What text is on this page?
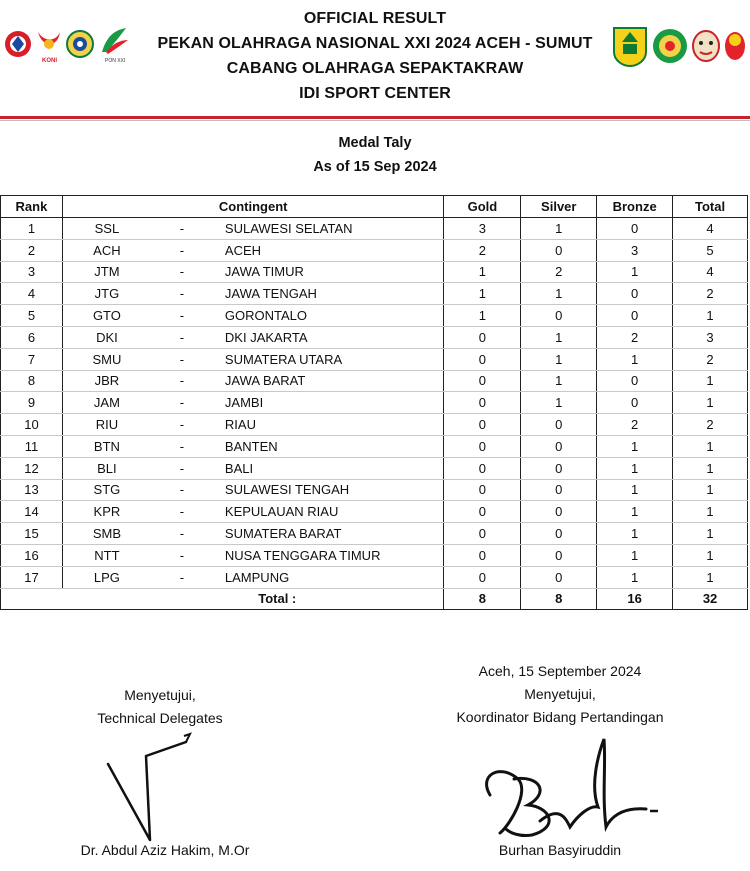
KONI	PON XXI
OFFICIAL RESULT
PEKAN OLAHRAGA NASIONAL XXI 2024 ACEH - SUMUT
CABANG OLAHRAGA SEPAKTAKRAW
IDI SPORT CENTER
Medal Taly
As of 15 Sep 2024
Rank	Contingent	Gold	Silver	Bronze	Total
1	SSL - SULAWESI SELATAN	3	1	0	4
2	ACH - ACEH	2	0	3	5
3	JTM - JAWA TIMUR	1	2	1	4
4	JTG - JAWA TENGAH	1	1	0	2
5	GTO - GORONTALO	1	0	0	1
6	DKI - DKI JAKARTA	0	1	2	3
7	SMU - SUMATERA UTARA	0	1	1	2
8	JBR - JAWA BARAT	0	1	0	1
9	JAM - JAMBI	0	1	0	1
10	RIU - RIAU	0	0	2	2
11	BTN - BANTEN	0	0	1	1
12	BLI - BALI	0	0	1	1
13	STG - SULAWESI TENGAH	0	0	1	1
14	KPR - KEPULAUAN RIAU	0	0	1	1
15	SMB - SUMATERA BARAT	0	0	1	1
16	NTT - NUSA TENGGARA TIMUR	0	0	1	1
17	LPG - LAMPUNG	0	0	1	1
Total :		8	8	16	32
Menyetujui,
Technical Delegates
Dr. Abdul Aziz Hakim, M.Or
Aceh, 15 September 2024
Menyetujui,
Koordinator Bidang Pertandingan
Burhan Basyiruddin
